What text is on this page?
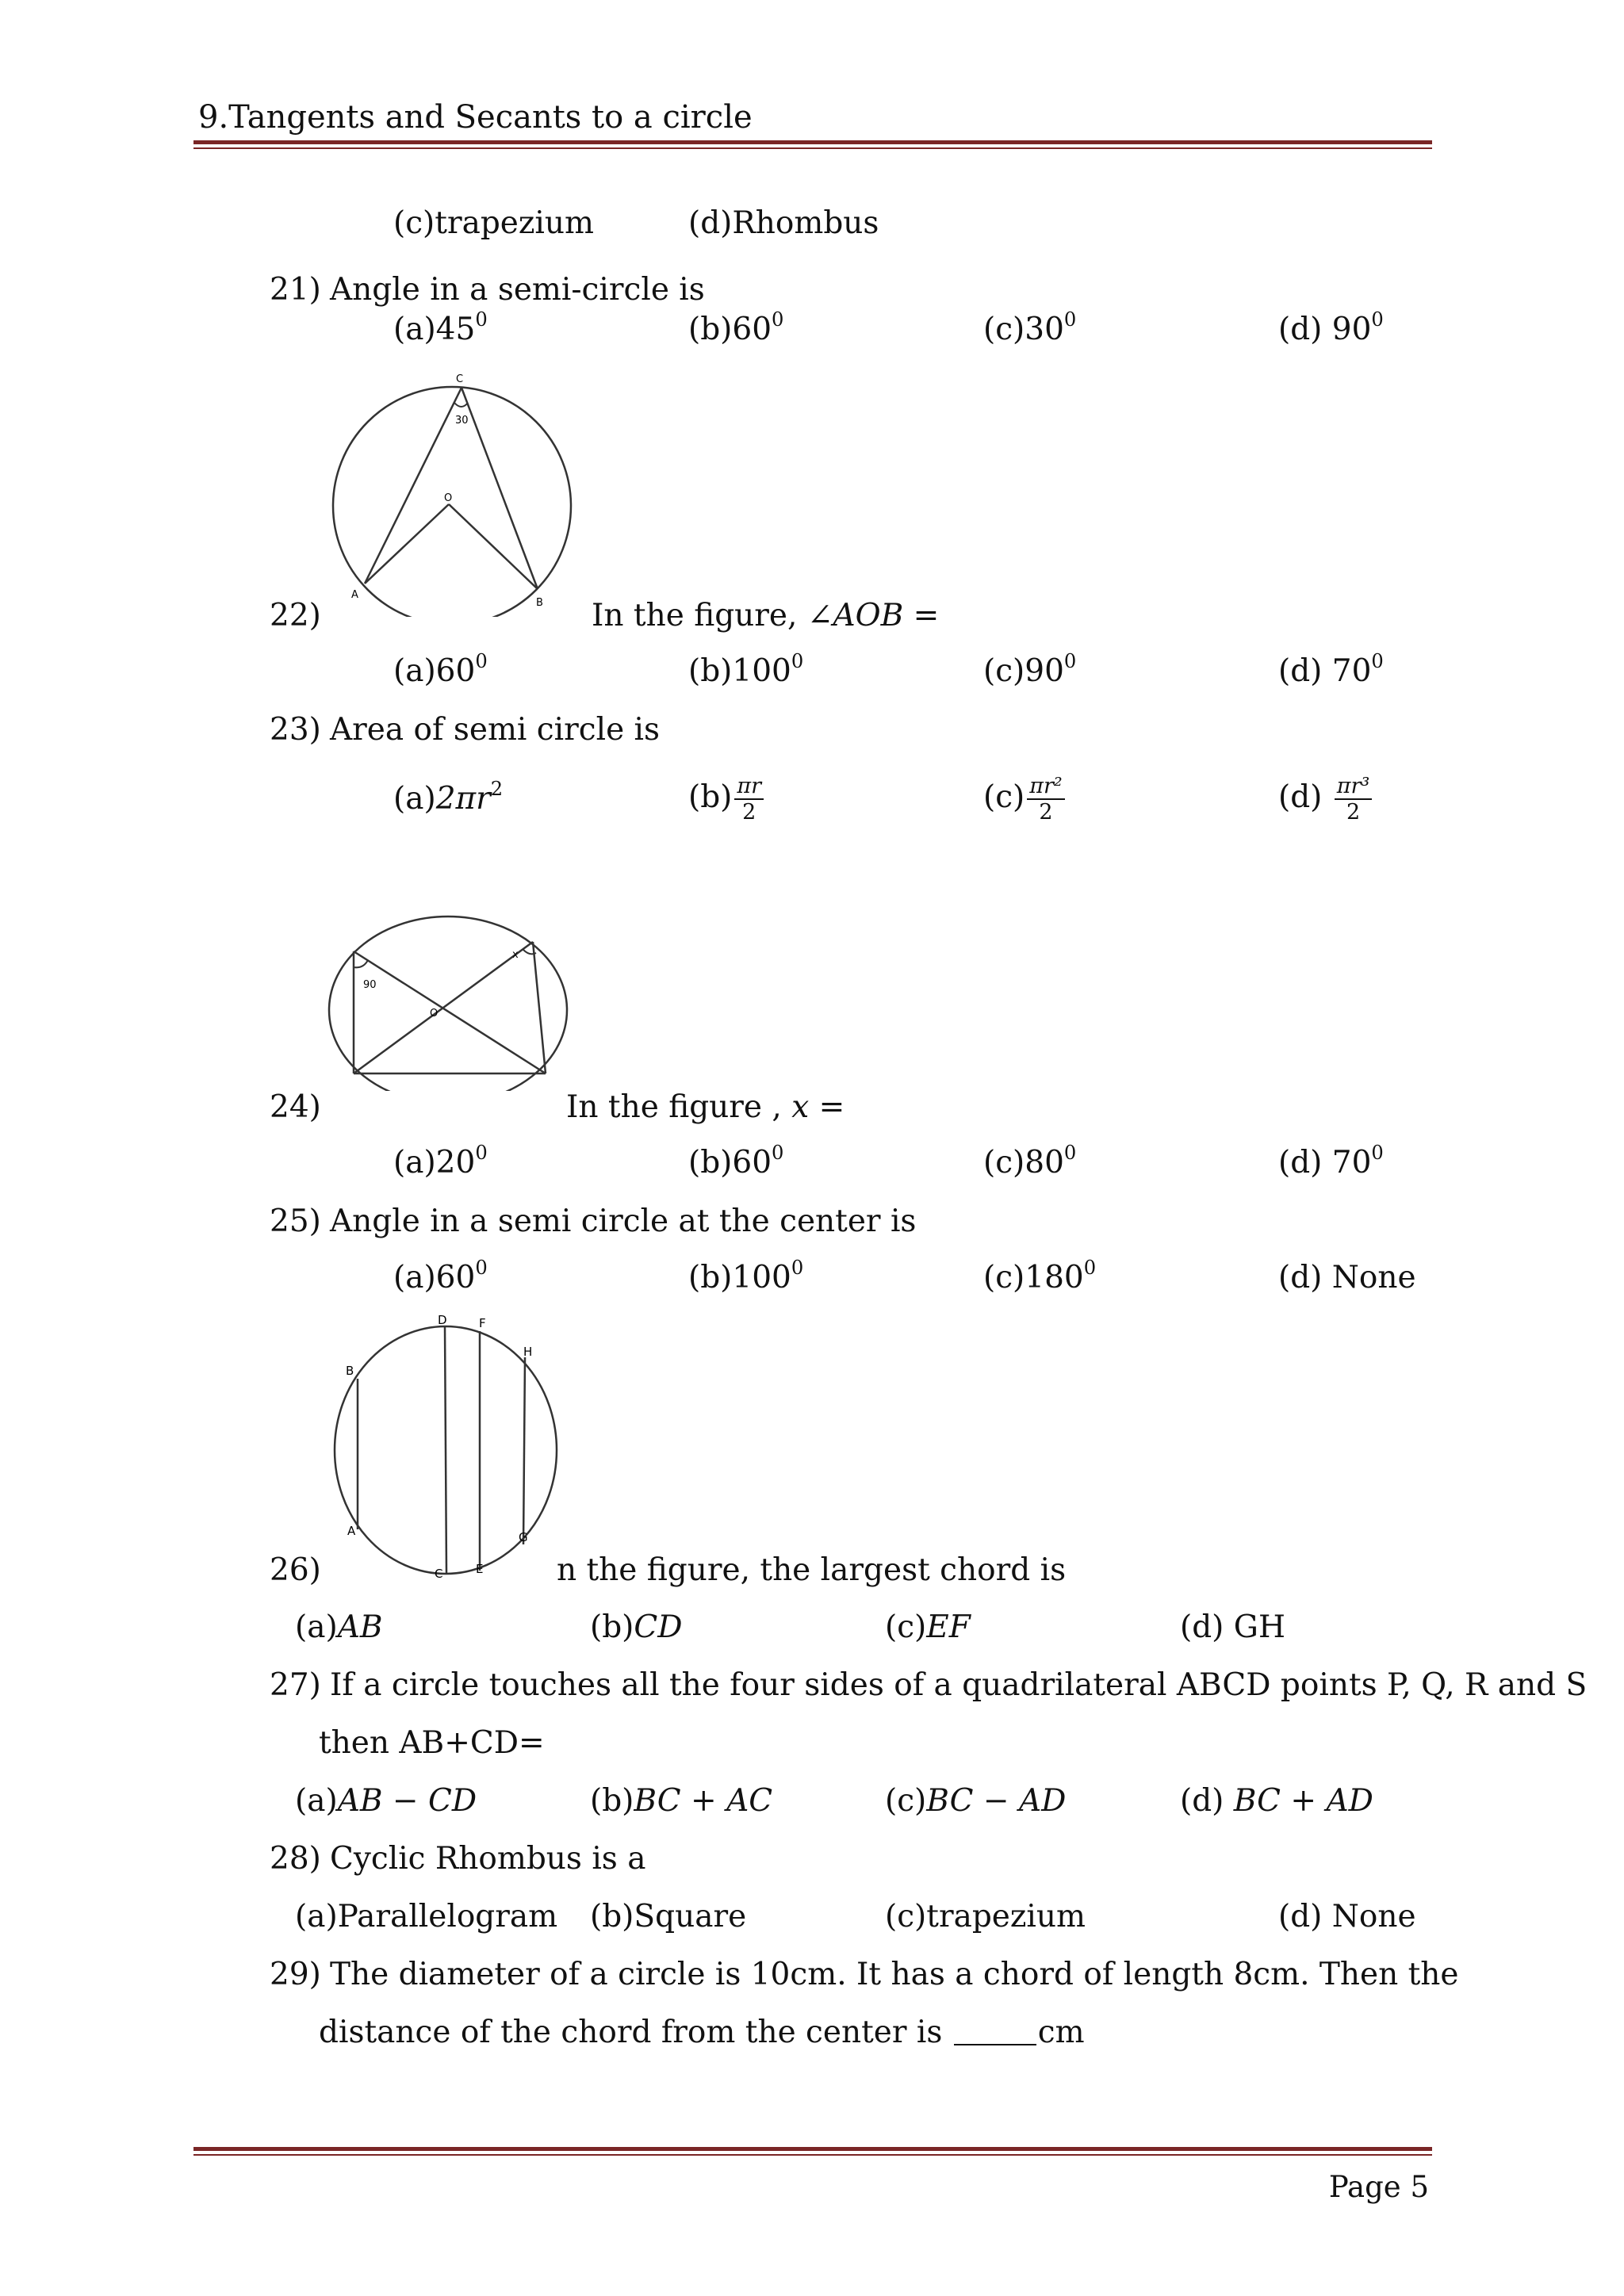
9.Tangents and Secants to a circle
(c)trapezium	(d)Rhombus
21) Angle in a semi-circle is
$(a)45^0$	$(b)60^0$	$(c)30^0$	(d) $90^0$
C
30
O
A
B
22)	In the figure, ∠AOB =
$(a)60^0$	$(b)100^0$	$(c)90^0$	(d) $70^0$
23) Area of semi circle is
$(a)2\pi r^2$	$(b) \frac{\pi r}{2}$	$(c) \frac{\text{πr²}}{2}$	$(d) \frac{\text{πr³}}{2}$
90
x
O
24)	In the figure , x =
$(a)20^0$	$(b)60^0$	$(c)80^0$	(d) $70^0$
25) Angle in a semi circle at the center is
$(a)60^0$	$(b)100^0$	$(c)180^0$	(d) None
B
A
D
C
F
E
H
G
26)	n the figure, the largest chord is
(a)AB	(b)CD	(c)EF	(d) GH
27) If a circle touches all the four sides of a quadrilateral ABCD points P, Q, R and S
then AB+CD=
(a)AB − CD	(b)BC + AC	(c)BC − AD	(d) BC + AD
28) Cyclic Rhombus is a
(a)Parallelogram (b)Square	(c)trapezium	(d) None
29) The diameter of a circle is 10cm. It has a chord of length 8cm. Then the
distance of the chord from the center is	cm
Page 5
